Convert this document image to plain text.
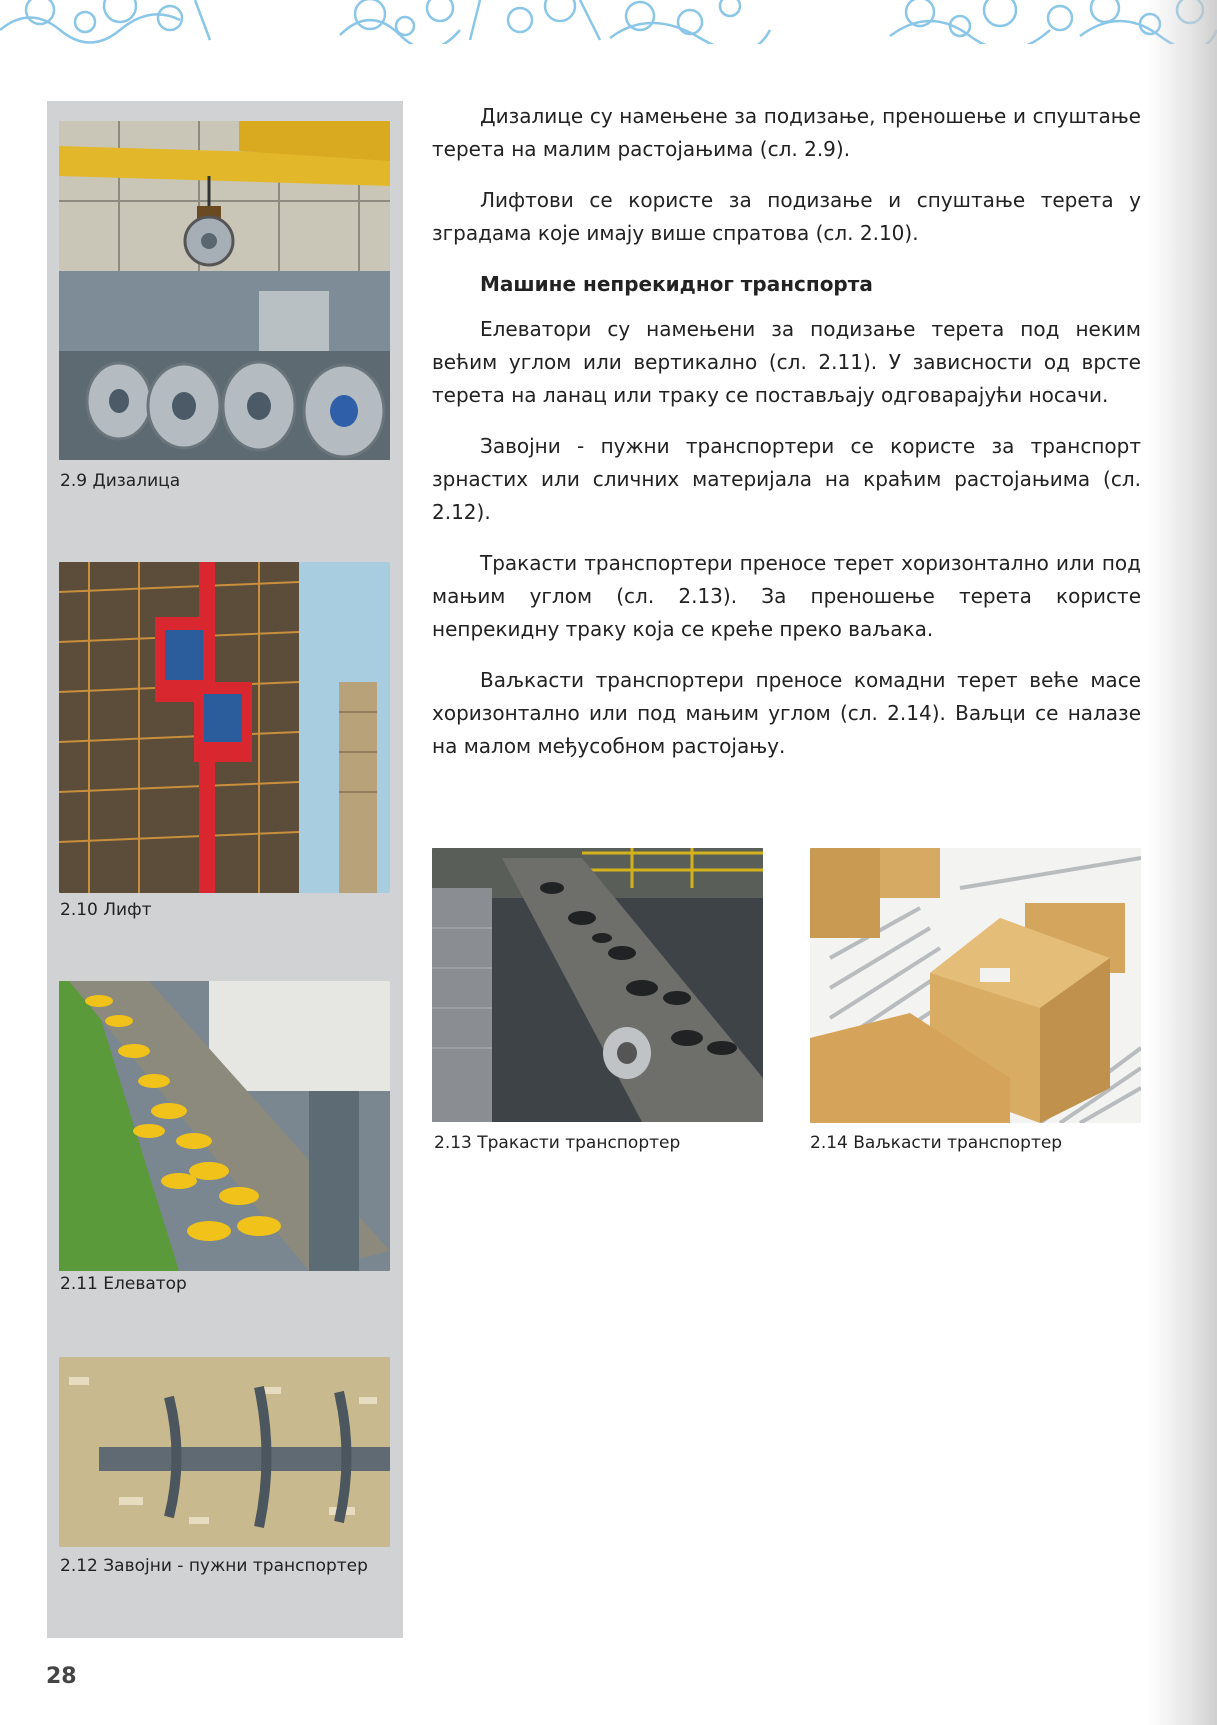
2.9 Дизалица
2.10 Лифт
2.11 Елеватор
2.12 Завојни - пужни транспортер

Дизалице су намењене за подизање, преношење и спуштање терета на малим растојањима (сл. 2.9).

Лифтови се користе за подизање и спуштање терета у зградама које имају више спратова (сл. 2.10).

Машине непрекидног транспорта

Елеватори су намењени за подизање терета под неким већим углом или вертикално (сл. 2.11). У зависности од врсте терета на ланац или траку се постављају одговарајући носачи.

Завојни - пужни транспортери се користе за транспорт зрнастих или сличних материјала на краћим растојањима (сл. 2.12).

Тракасти транспортери преносе терет хоризонтално или под мањим углом (сл. 2.13). За преношење терета користе непрекидну траку која се креће преко ваљака.

Ваљкасти транспортери преносе комадни терет веће масе хоризонтално или под мањим углом (сл. 2.14). Ваљци се налазе на малом међусобном растојању.

2.13 Тракасти транспортер	2.14 Ваљкасти транспортер
28
